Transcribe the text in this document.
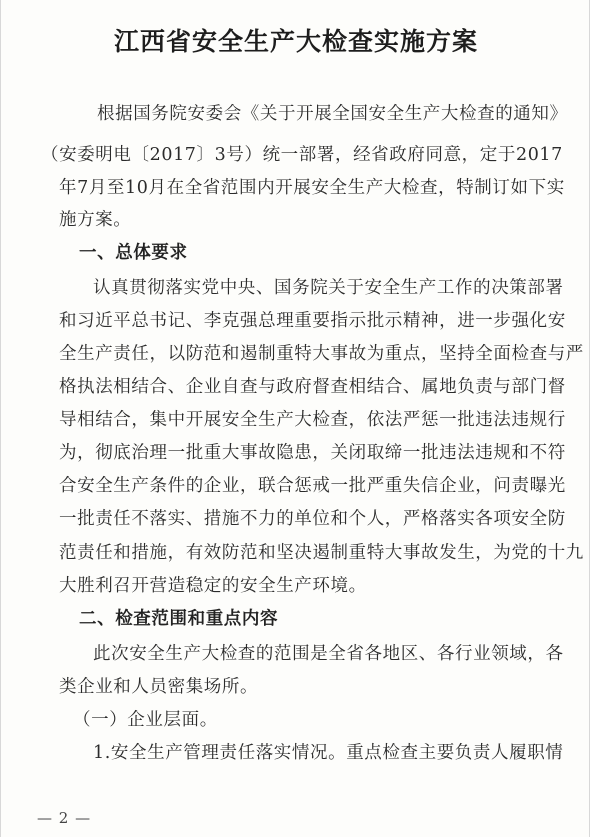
江西省安全生产大检查实施方案
根据国务院安委会《关于开展全国安全生产大检查的通知》
（安委明电〔2017〕3号）统一部署，经省政府同意，定于2017
年7月至10月在全省范围内开展安全生产大检查，特制订如下实
施方案。
一、总体要求
认真贯彻落实党中央、国务院关于安全生产工作的决策部署
和习近平总书记、李克强总理重要指示批示精神，进一步强化安
全生产责任，以防范和遏制重特大事故为重点，坚持全面检查与严
格执法相结合、企业自查与政府督查相结合、属地负责与部门督
导相结合，集中开展安全生产大检查，依法严惩一批违法违规行
为，彻底治理一批重大事故隐患，关闭取缔一批违法违规和不符
合安全生产条件的企业，联合惩戒一批严重失信企业，问责曝光
一批责任不落实、措施不力的单位和个人，严格落实各项安全防
范责任和措施，有效防范和坚决遏制重特大事故发生，为党的十九
大胜利召开营造稳定的安全生产环境。
二、检查范围和重点内容
此次安全生产大检查的范围是全省各地区、各行业领域，各
类企业和人员密集场所。
（一）企业层面。
1.安全生产管理责任落实情况。重点检查主要负责人履职情
— 2 —
